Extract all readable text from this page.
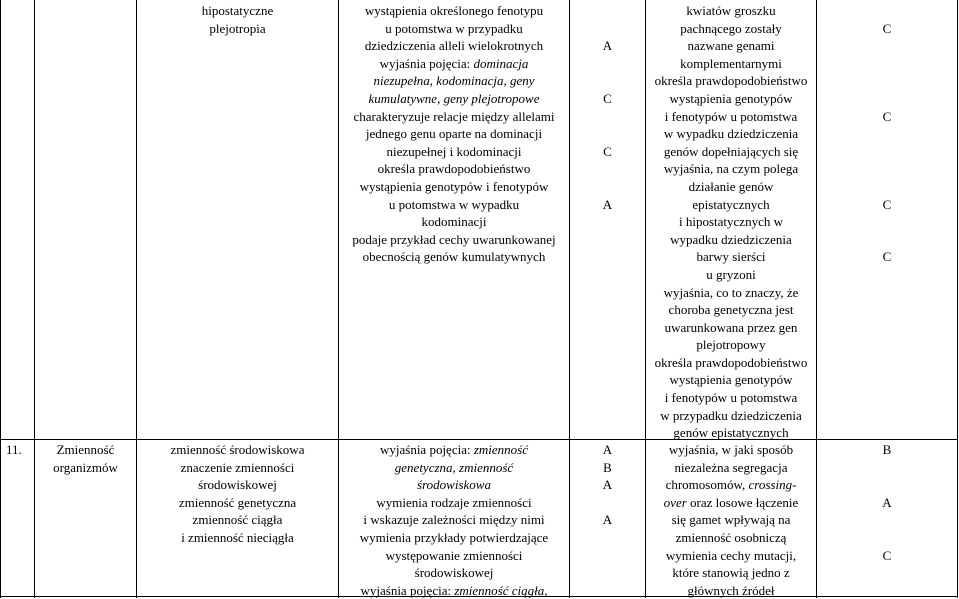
hipostatyczne
plejotropia
wystąpienia określonego fenotypu
u potomstwa w przypadku
dziedziczenia alleli wielokrotnych
wyjaśnia pojęcia: dominacja
niezupełna, kodominacja, geny
kumulatywne, geny plejotropowe
charakteryzuje relacje między allelami
jednego genu oparte na dominacji
niezupełnej i kodominacji
określa prawdopodobieństwo
wystąpienia genotypów i fenotypów
u potomstwa w wypadku
kodominacji
podaje przykład cechy uwarunkowanej
obecnością genów kumulatywnych
A
C
C
A
kwiatów groszku
pachnącego zostały
nazwane genami
komplementarnymi
określa prawdopodobieństwo
wystąpienia genotypów
i fenotypów u potomstwa
w wypadku dziedziczenia
genów dopełniających się
wyjaśnia, na czym polega
działanie genów
epistatycznych
i hipostatycznych w
wypadku dziedziczenia
barwy sierści
u gryzoni
wyjaśnia, co to znaczy, że
choroba genetyczna jest
uwarunkowana przez gen
plejotropowy
określa prawdopodobieństwo
wystąpienia genotypów
i fenotypów u potomstwa
w przypadku dziedziczenia
genów epistatycznych
C
C
C
C
11.	Zmienność
organizmów
zmienność środowiskowa
znaczenie zmienności
środowiskowej
zmienność genetyczna
zmienność ciągła
i zmienność nieciągła
wyjaśnia pojęcia: zmienność
genetyczna, zmienność
środowiskowa
wymienia rodzaje zmienności
i wskazuje zależności między nimi
wymienia przykłady potwierdzające
występowanie zmienności
środowiskowej
wyjaśnia pojęcia: zmienność ciągła,
A
B
A
A
wyjaśnia, w jaki sposób
niezależna segregacja
chromosomów, crossing-
over oraz losowe łączenie
się gamet wpływają na
zmienność osobniczą
wymienia cechy mutacji,
które stanowią jedno z
głównych źródeł
B
A
C
